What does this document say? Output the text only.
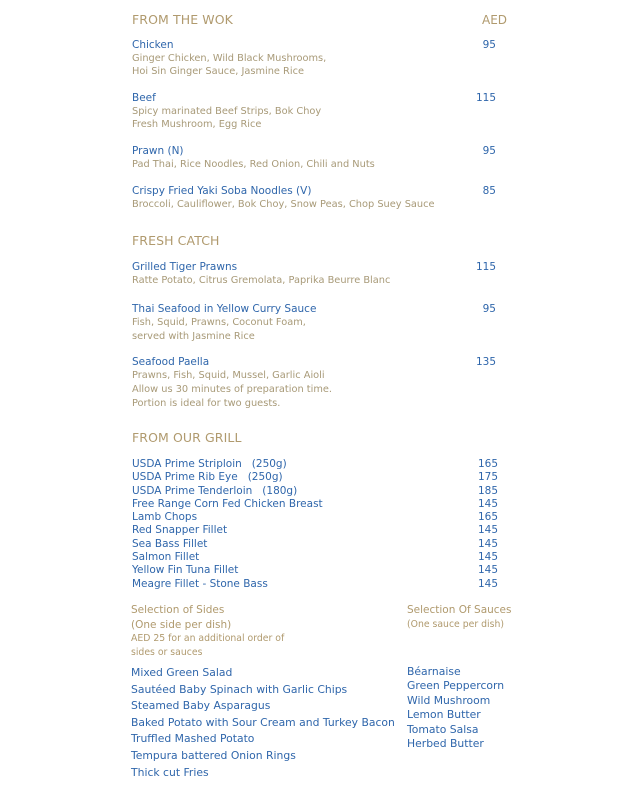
FROM THE WOK	AED
Chicken	95
Ginger Chicken, Wild Black Mushrooms,
Hoi Sin Ginger Sauce, Jasmine Rice
Beef	115
Spicy marinated Beef Strips, Bok Choy
Fresh Mushroom, Egg Rice
Prawn (N)	95
Pad Thai, Rice Noodles, Red Onion, Chili and Nuts
Crispy Fried Yaki Soba Noodles (V)	85
Broccoli, Cauliflower, Bok Choy, Snow Peas, Chop Suey Sauce
FRESH CATCH
Grilled Tiger Prawns	115
Ratte Potato, Citrus Gremolata, Paprika Beurre Blanc
Thai Seafood in Yellow Curry Sauce	95
Fish, Squid, Prawns, Coconut Foam,
served with Jasmine Rice
Seafood Paella	135
Prawns, Fish, Squid, Mussel, Garlic Aioli
Allow us 30 minutes of preparation time.
Portion is ideal for two guests.
FROM OUR GRILL
USDA Prime Striploin   (250g)	165
USDA Prime Rib Eye   (250g)	175
USDA Prime Tenderloin   (180g)	185
Free Range Corn Fed Chicken Breast	145
Lamb Chops	165
Red Snapper Fillet	145
Sea Bass Fillet	145
Salmon Fillet	145
Yellow Fin Tuna Fillet	145
Meagre Fillet - Stone Bass	145
Selection of Sides
(One side per dish)
AED 25 for an additional order of
sides or sauces
Mixed Green Salad
Sautéed Baby Spinach with Garlic Chips
Steamed Baby Asparagus
Baked Potato with Sour Cream and Turkey Bacon
Truffled Mashed Potato
Tempura battered Onion Rings
Thick cut Fries
Selection Of Sauces
(One sauce per dish)
Béarnaise
Green Peppercorn
Wild Mushroom
Lemon Butter
Tomato Salsa
Herbed Butter
